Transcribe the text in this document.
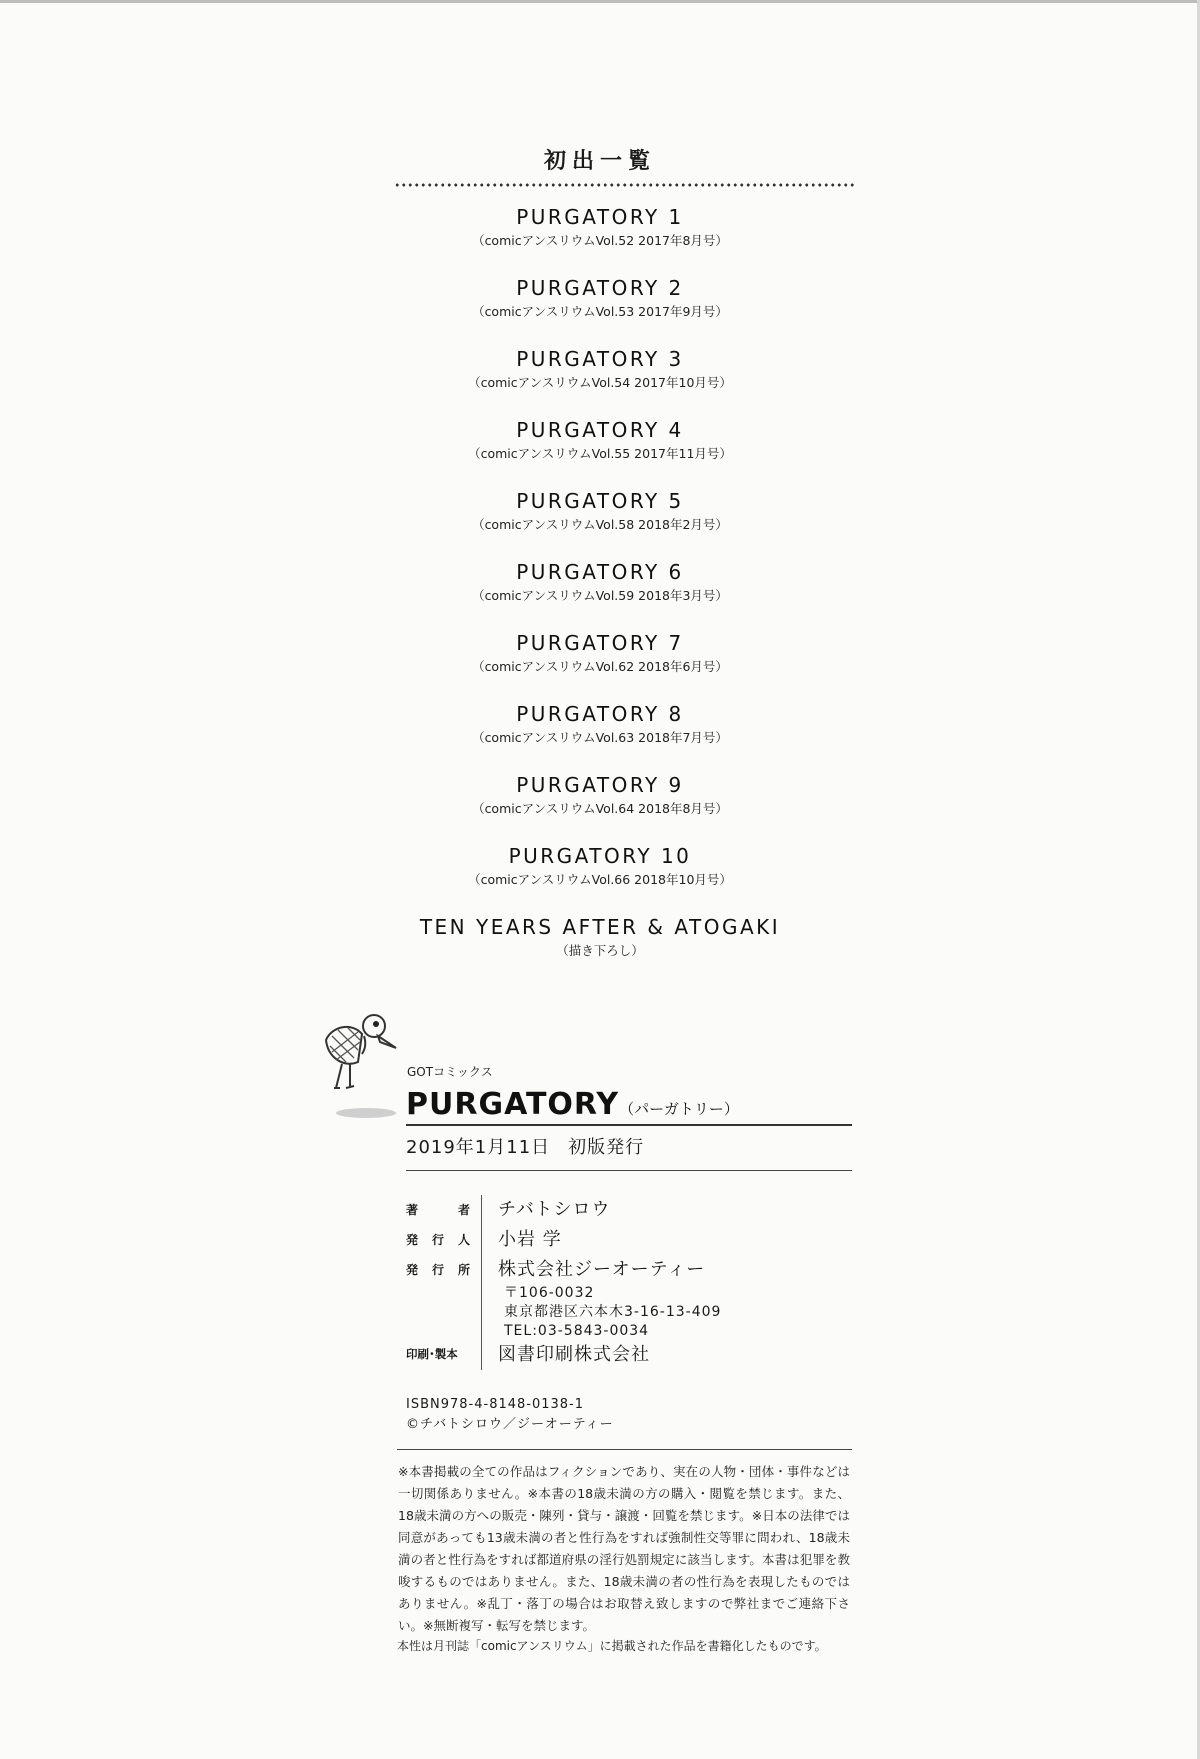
初出一覧
PURGATORY 1
（comicアンスリウムVol.52 2017年8月号）
PURGATORY 2
（comicアンスリウムVol.53 2017年9月号）
PURGATORY 3
（comicアンスリウムVol.54 2017年10月号）
PURGATORY 4
（comicアンスリウムVol.55 2017年11月号）
PURGATORY 5
（comicアンスリウムVol.58 2018年2月号）
PURGATORY 6
（comicアンスリウムVol.59 2018年3月号）
PURGATORY 7
（comicアンスリウムVol.62 2018年6月号）
PURGATORY 8
（comicアンスリウムVol.63 2018年7月号）
PURGATORY 9
（comicアンスリウムVol.64 2018年8月号）
PURGATORY 10
（comicアンスリウムVol.66 2018年10月号）
TEN YEARS AFTER & ATOGAKI
（描き下ろし）
GOTコミックス
PURGATORY（パーガトリー）
2019年1月11日 初版発行
著	者 チバトシロウ
発 行 人 小岩 学
発 行 所 株式会社ジーオーティー
〒106-0032
東京都港区六本木3-16-13-409
TEL:03-5843-0034
印刷･製本	図書印刷株式会社
ISBN978-4-8148-0138-1
©チバトシロウ／ジーオーティー
※本書掲載の全ての作品はフィクションであり、実在の人物・団体・事件などは一切関係ありません。※本書の18歳未満の方の購入・閲覧を禁じます。また、18歳未満の方への販売・陳列・貸与・譲渡・回覧を禁じます。※日本の法律では同意があっても13歳未満の者と性行為をすれば強制性交等罪に問われ、18歳未満の者と性行為をすれば都道府県の淫行処罰規定に該当します。本書は犯罪を教唆するものではありません。また、18歳未満の者の性行為を表現したものではありません。※乱丁・落丁の場合はお取替え致しますので弊社までご連絡下さい。※無断複写・転写を禁じます。
本性は月刊誌「comicアンスリウム」に掲載された作品を書籍化したものです。
